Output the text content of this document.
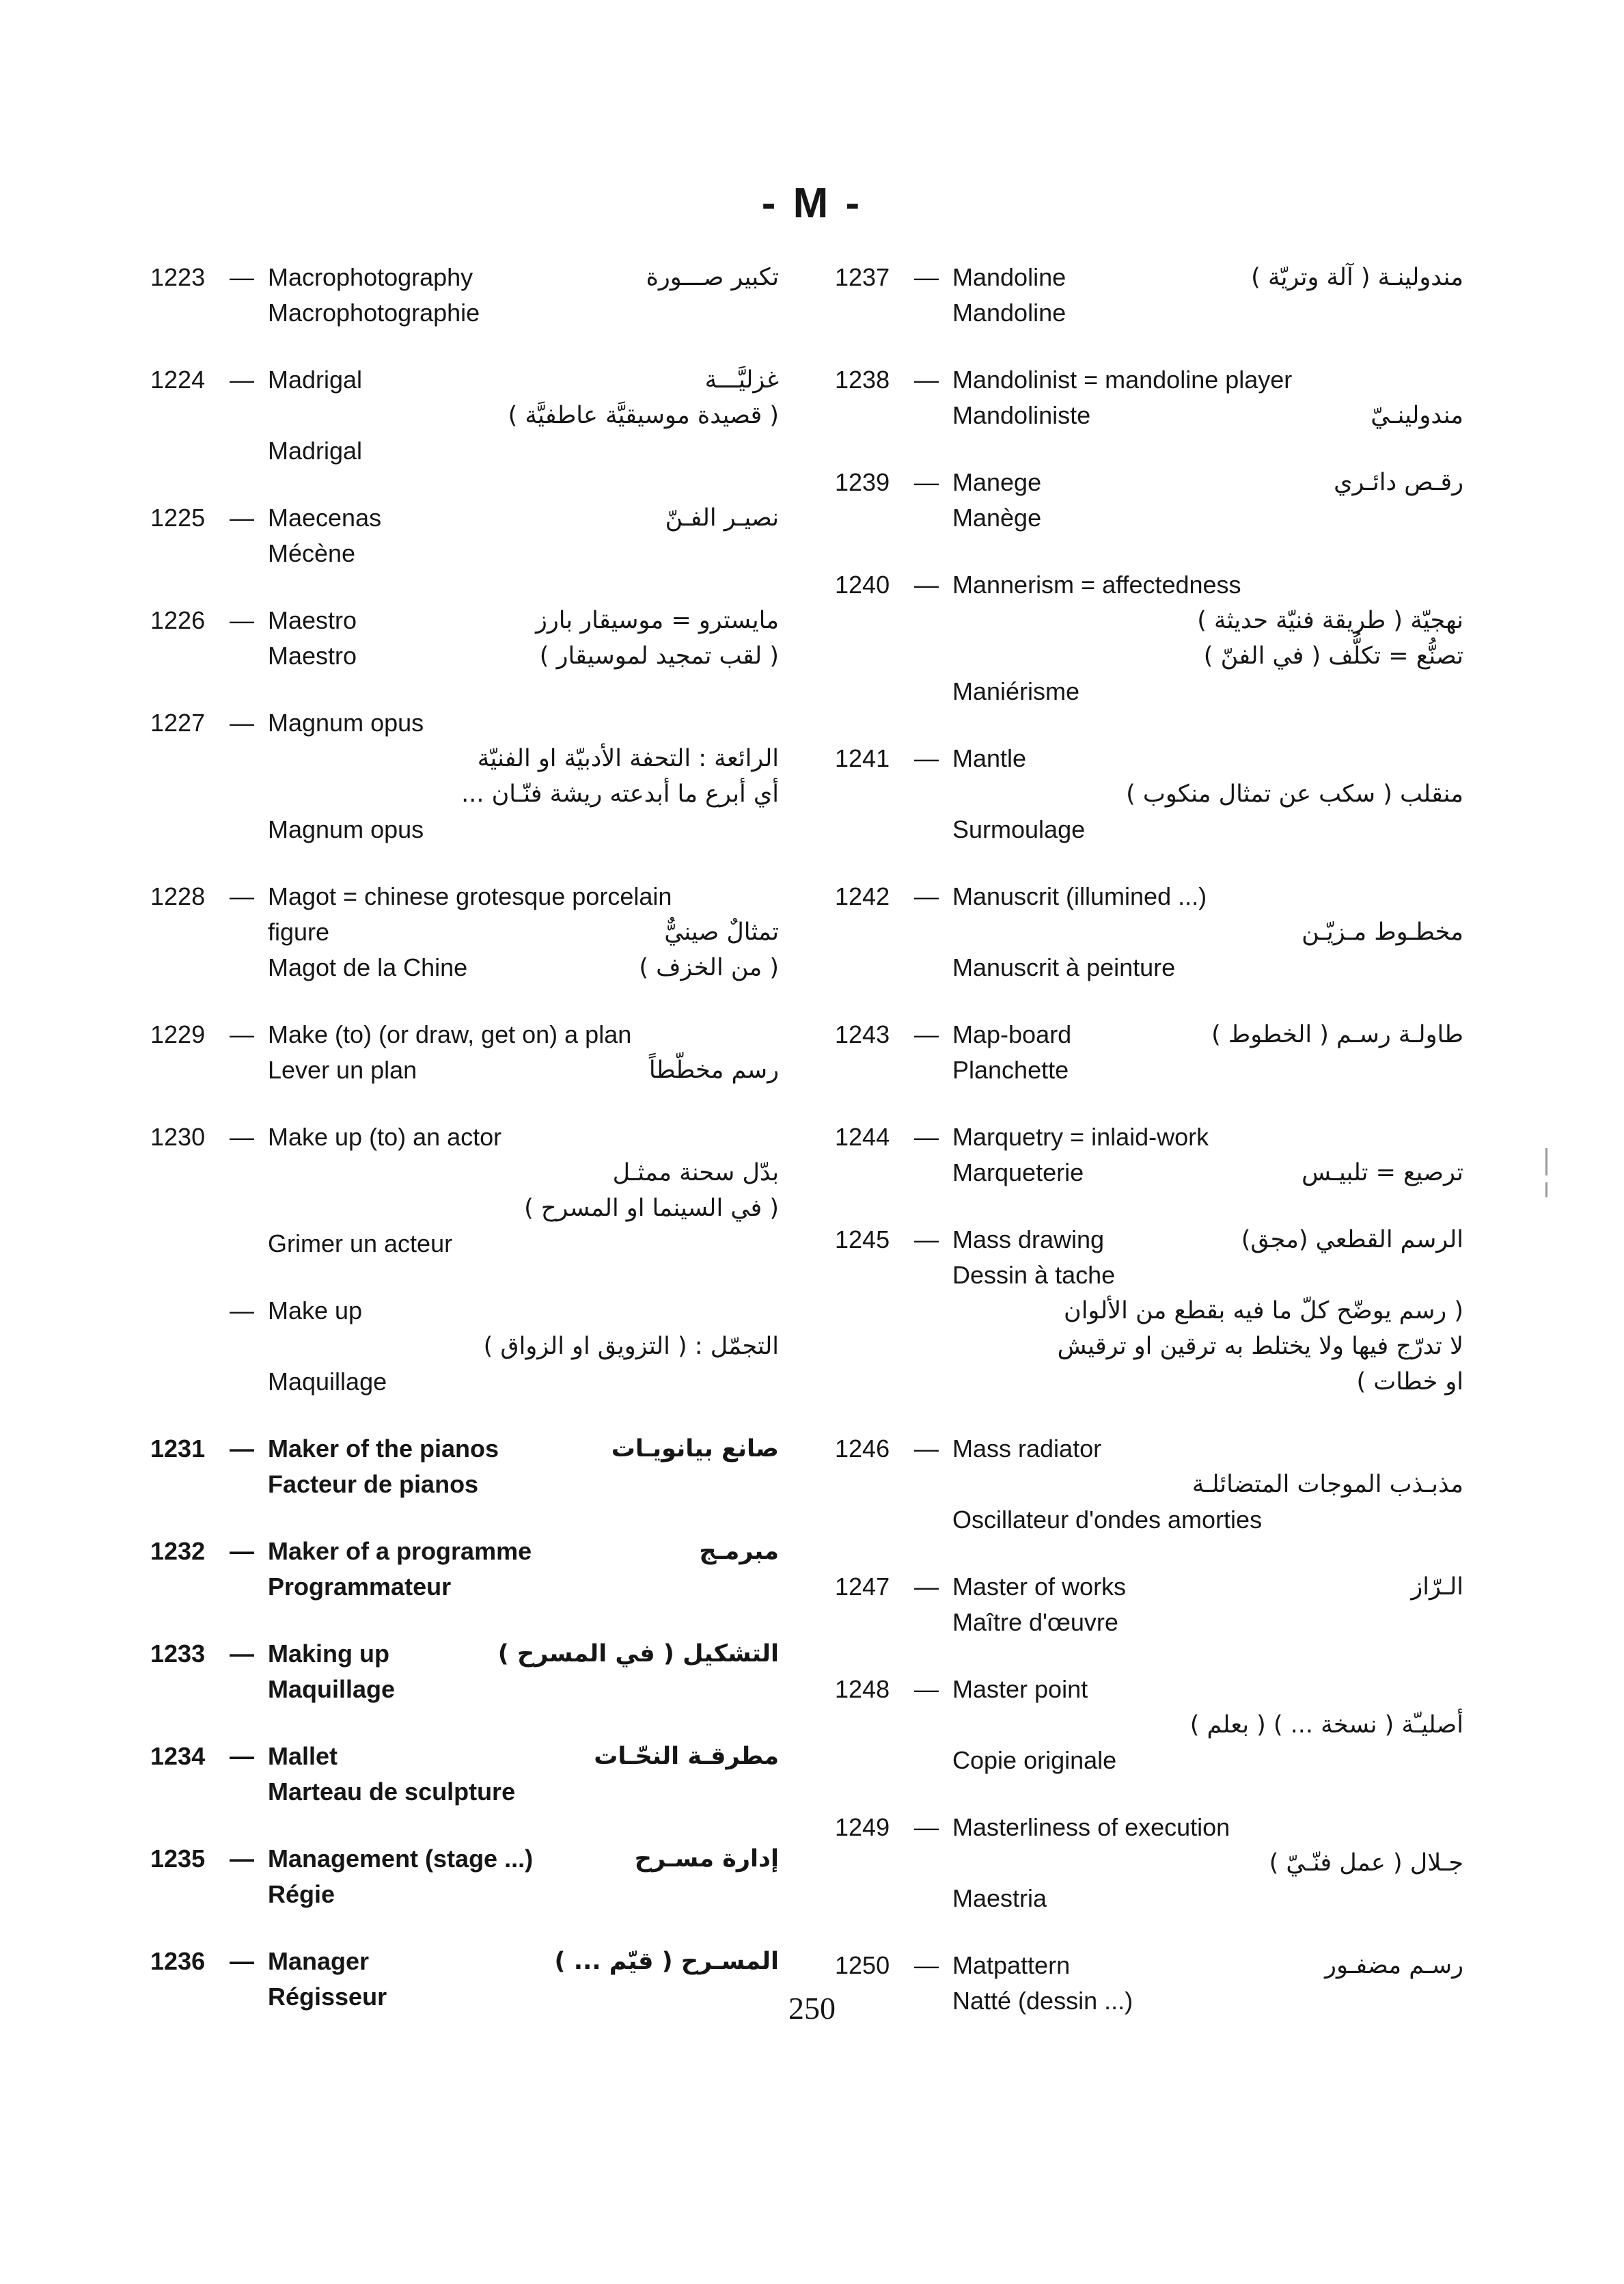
- M -
1223 — Macrophotography	تكبير صـــورة
Macrophotographie
1224 — Madrigal	غزليَّـــة
( قصيدة موسيقيَّة عاطفيَّة )
Madrigal
1225 — Maecenas	نصيـر الفـنّ
Mécène
1226 — Maestro	مايسترو = موسيقار بارز
Maestro	( لقب تمجيد لموسيقار )
1227 — Magnum opus
الرائعة : التحفة الأدبيّة او الفنيّة
أي أبرع ما أبدعته ريشة فنّـان ...
Magnum opus
1228 — Magot = chinese grotesque porcelain
figure	تمثالٌ صينيٌّ
Magot de la Chine	( من الخزف )
1229 — Make (to) (or draw, get on) a plan
Lever un plan	رسم مخطّطاً
1230 — Make up (to) an actor
بدّل سحنة ممثـل
( في السينما او المسرح )
Grimer un acteur
— Make up
التجمّل : ( التزويق او الزواق )
Maquillage
1231 — Maker of the pianos	صانع بيانويـات
Facteur de pianos
1232 — Maker of a programme	مبرمـج
Programmateur
1233 — Making up	التشكيل ( في المسرح )
Maquillage
1234 — Mallet	مطرقـة النحّـات
Marteau de sculpture
1235 — Management (stage ...)	إدارة مسـرح
Régie
1236 — Manager	المسـرح ( قيّم ... )
Régisseur
1237 — Mandoline	مندولينـة ( آلة وتريّة )
Mandoline
1238 — Mandolinist = mandoline player
Mandoliniste	مندولينـيّ
1239 — Manege	رقـص دائـري
Manège
1240 — Mannerism = affectedness
نهجيّة ( طريقة فنيّة حديثة )
تصنُّع = تكلُّف ( في الفنّ )
Maniérisme
1241 — Mantle
منقلب ( سكب عن تمثال منكوب )
Surmoulage
1242 — Manuscrit (illumined ...)
مخطـوط مـزيّـن
Manuscrit à peinture
1243 — Map-board	طاولـة رسـم ( الخطوط )
Planchette
1244 — Marquetry = inlaid-work
Marqueterie	ترصيع = تلبيـس
1245 — Mass drawing	الرسم القطعي (مجق)
Dessin à tache
( رسم يوضّح كلّ ما فيه بقطع من الألوان
لا تدرّج فيها ولا يختلط به ترقين او ترقيش
او خطات )
1246 — Mass radiator
مذبـذب الموجات المتضائلـة
Oscillateur d'ondes amorties
1247 — Master of works	الـرّاز
Maître d'œuvre
1248 — Master point
أصليـّة ( نسخة ... ) ( بعلم )
Copie originale
1249 — Masterliness of execution
جـلال ( عمل فنّـيّ )
Maestria
1250 — Matpattern	رسـم مضفـور
Natté (dessin ...)
250
